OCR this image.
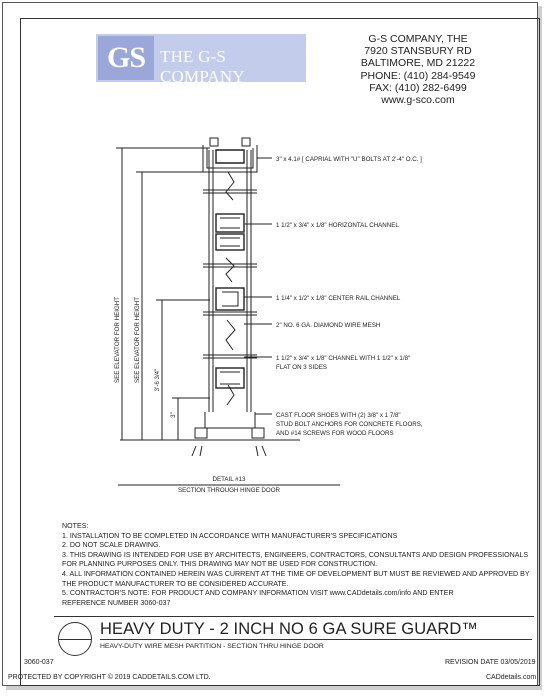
GS THE G-S COMPANY
G-S COMPANY, THE
7920 STANSBURY RD
BALTIMORE, MD 21222
PHONE: (410) 284-9549
FAX: (410) 282-6499
www.g-sco.com
3" x 4.1# [ CAPRIAL WITH "U" BOLTS AT 2'-4" O.C. ]
1 1/2" x 3/4" x 1/8" HORIZONTAL CHANNEL
1 1/4" x 1/2" x 1/8" CENTER RAIL CHANNEL
2" NO. 6 GA. DIAMOND WIRE MESH
1 1/2" x 3/4" x 1/8" CHANNEL WITH 1 1/2" x 1/8"
FLAT ON 3 SIDES
CAST FLOOR SHOES WITH (2) 3/8" x 1 7/8"
STUD BOLT ANCHORS FOR CONCRETE FLOORS,
AND #14 SCREWS FOR WOOD FLOORS
SEE ELEVATOR FOR HEIGHT SEE ELEVATOR FOR HEIGHT 3'-6 3/4"
3"
DETAIL #13
SECTION THROUGH HINGE DOOR
NOTES:
1. INSTALLATION TO BE COMPLETED IN ACCORDANCE WITH MANUFACTURER'S SPECIFICATIONS
2. DO NOT SCALE DRAWING.
3. THIS DRAWING IS INTENDED FOR USE BY ARCHITECTS, ENGINEERS, CONTRACTORS, CONSULTANTS AND DESIGN PROFESSIONALS
FOR PLANNING PURPOSES ONLY. THIS DRAWING MAY NOT BE USED FOR CONSTRUCTION.
4. ALL INFORMATION CONTAINED HEREIN WAS CURRENT AT THE TIME OF DEVELOPMENT BUT MUST BE REVIEWED AND APPROVED BY
THE PRODUCT MANUFACTURER TO BE CONSIDERED ACCURATE.
5. CONTRACTOR'S NOTE: FOR PRODUCT AND COMPANY INFORMATION VISIT www.CADdetails.com/info AND ENTER
REFERENCE NUMBER 3060-037
HEAVY DUTY - 2 INCH NO 6 GA SURE GUARD™
HEAVY-DUTY WIRE MESH PARTITION - SECTION THRU HINGE DOOR
3060-037	REVISION DATE 03/05/2019
PROTECTED BY COPYRIGHT © 2019 CADDETAILS.COM LTD.	CADdetails.com
